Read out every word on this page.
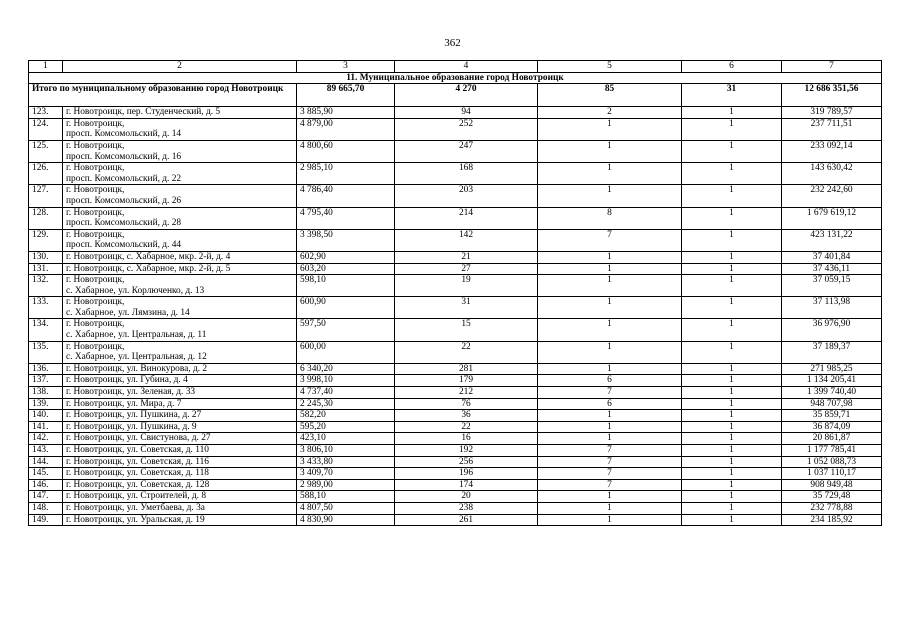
362
1	2	3	4	5	6	7
11. Муниципальное образование город Новотроицк						
Итого по муниципальному образованию город Новотроицк		89 665,70	4 270	85	31	12 686 351,56
123.	г. Новотроицк, пер. Студенческий, д. 5	3 885,90	94	2	1	319 789,57
124.	г. Новотроицк,
просп. Комсомольский, д. 14	4 879,00	252	1	1	237 711,51
125.	г. Новотроицк,
просп. Комсомольский, д. 16	4 800,60	247	1	1	233 092,14
126.	г. Новотроицк,
просп. Комсомольский, д. 22	2 985,10	168	1	1	143 630,42
127.	г. Новотроицк,
просп. Комсомольский, д. 26	4 786,40	203	1	1	232 242,60
128.	г. Новотроицк,
просп. Комсомольский, д. 28	4 795,40	214	8	1	1 679 619,12
129.	г. Новотроицк,
просп. Комсомольский, д. 44	3 398,50	142	7	1	423 131,22
130.	г. Новотроицк, с. Хабарное, мкр. 2-й, д. 4	602,90	21	1	1	37 401,84
131.	г. Новотроицк, с. Хабарное, мкр. 2-й, д. 5	603,20	27	1	1	37 436,11
132.	г. Новотроицк,
с. Хабарное, ул. Корлюченко, д. 13	598,10	19	1	1	37 059,15
133.	г. Новотроицк,
с. Хабарное, ул. Лямзина, д. 14	600,90	31	1	1	37 113,98
134.	г. Новотроицк,
с. Хабарное, ул. Центральная, д. 11	597,50	15	1	1	36 976,90
135.	г. Новотроицк,
с. Хабарное, ул. Центральная, д. 12	600,00	22	1	1	37 189,37
136.	г. Новотроицк, ул. Винокурова, д. 2	6 340,20	281	1	1	271 985,25
137.	г. Новотроицк, ул. Губина, д. 4	3 998,10	179	6	1	1 134 205,41
138.	г. Новотроицк, ул. Зеленая, д. 33	4 737,40	212	7	1	1 399 740,40
139.	г. Новотроицк, ул. Мира, д. 7	2 245,30	76	6	1	948 707,98
140.	г. Новотроицк, ул. Пушкина, д. 27	582,20	36	1	1	35 859,71
141.	г. Новотроицк, ул. Пушкина, д. 9	595,20	22	1	1	36 874,09
142.	г. Новотроицк, ул. Свистунова, д. 27	423,10	16	1	1	20 861,87
143.	г. Новотроицк, ул. Советская, д. 110	3 806,10	192	7	1	1 177 785,41
144.	г. Новотроицк, ул. Советская, д. 116	3 433,80	256	7	1	1 052 088,73
145.	г. Новотроицк, ул. Советская, д. 118	3 409,70	196	7	1	1 037 110,17
146.	г. Новотроицк, ул. Советская, д. 128	2 989,00	174	7	1	908 949,48
147.	г. Новотроицк, ул. Строителей, д. 8	588,10	20	1	1	35 729,48
148.	г. Новотроицк, ул. Уметбаева, д. 3а	4 807,50	238	1	1	232 778,88
149.	г. Новотроицк, ул. Уральская, д. 19	4 830,90	261	1	1	234 185,92
